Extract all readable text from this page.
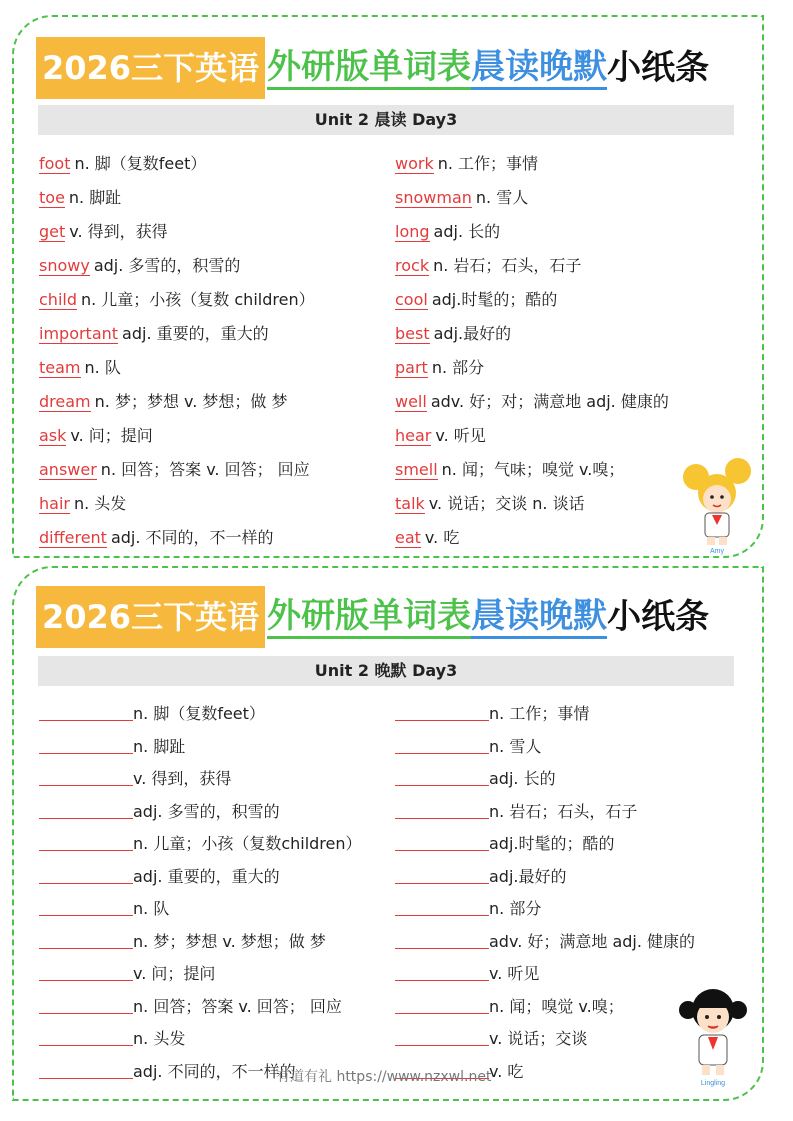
2026三下英语 外研版单词表 晨读晚默 小纸条
Unit 2 晨读 Day3
foot n. 脚（复数feet）
toe n. 脚趾
get v. 得到，获得
snowy adj. 多雪的，积雪的
child n. 儿童；小孩（复数 children）
important adj. 重要的，重大的
team n. 队
dream n. 梦；梦想 v. 梦想；做 梦
ask v. 问；提问
answer n. 回答；答案 v. 回答； 回应
hair n. 头发
different adj. 不同的，不一样的
work n. 工作；事情
snowman n. 雪人
long adj. 长的
rock n. 岩石；石头，石子
cool adj.时髦的；酷的
best adj.最好的
part n. 部分
well adv. 好；对；满意地 adj. 健康的
hear v. 听见
smell n. 闻；气味；嗅觉 v.嗅；
talk v. 说话；交谈 n. 谈话
eat v. 吃
Amy
2026三下英语 外研版单词表 晨读晚默 小纸条
Unit 2 晚默 Day3
n. 脚（复数feet）
n. 脚趾
v. 得到，获得
adj. 多雪的，积雪的
n. 儿童；小孩（复数children）
adj. 重要的，重大的
n. 队
n. 梦；梦想 v. 梦想；做 梦
v. 问；提问
n. 回答；答案 v. 回答； 回应
n. 头发
adj. 不同的，不一样的
n. 工作；事情
n. 雪人
adj. 长的
n. 岩石；石头，石子
adj.时髦的；酷的
adj.最好的
n. 部分
adv. 好；满意地 adj. 健康的
v. 听见
n. 闻；嗅觉 v.嗅；
v. 说话；交谈
v. 吃
Lingling
有道有礼 https://www.nzxwl.net
